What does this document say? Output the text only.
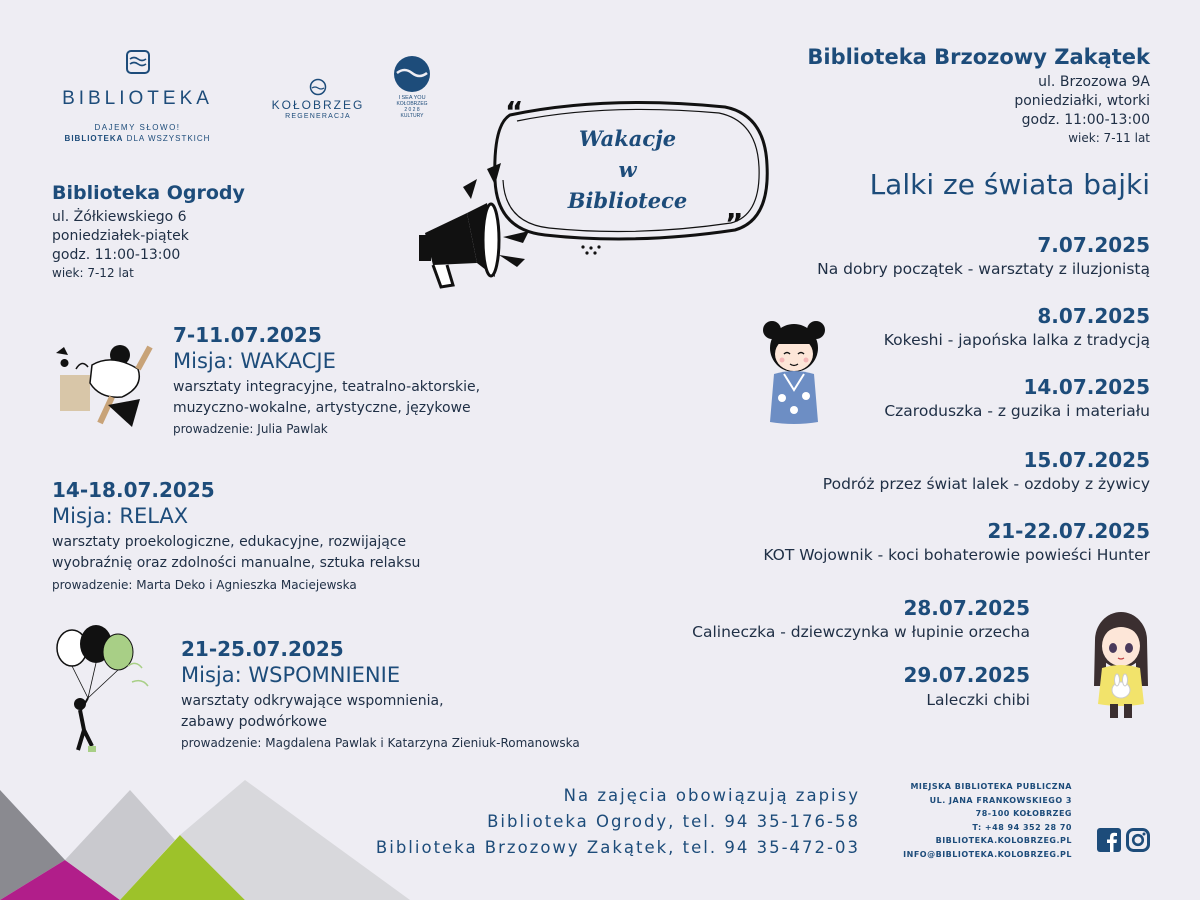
BIBLIOTEKA
DAJEMY SŁOWO!
BIBLIOTEKA DLA WSZYSTKICH
KOŁOBRZEG
REGENERACJA
I SEA YOU
KOŁOBRZEG
2 0 2 8
KULTURY	“
”
Wakacje
w
Bibliotece
Biblioteka Ogrody
ul. Żółkiewskiego 6
poniedziałek-piątek
godz. 11:00-13:00
wiek: 7-12 lat
7-11.07.2025
Misja: WAKACJE
warsztaty integracyjne, teatralno-aktorskie,
muzyczno-wokalne, artystyczne, językowe
prowadzenie: Julia Pawlak
14-18.07.2025
Misja: RELAX
warsztaty proekologiczne, edukacyjne, rozwijające
wyobraźnię oraz zdolności manualne, sztuka relaksu
prowadzenie: Marta Deko i Agnieszka Maciejewska
21-25.07.2025
Misja: WSPOMNIENIE
warsztaty odkrywające wspomnienia,
zabawy podwórkowe
prowadzenie: Magdalena Pawlak i Katarzyna Zieniuk-Romanowska
Biblioteka Brzozowy Zakątek
ul. Brzozowa 9A
poniedziałki, wtorki
godz. 11:00-13:00
wiek: 7-11 lat
Lalki ze świata bajki
7.07.2025
Na dobry początek - warsztaty z iluzjonistą
8.07.2025
Kokeshi - japońska lalka z tradycją
14.07.2025
Czaroduszka - z guzika i materiału
15.07.2025
Podróż przez świat lalek - ozdoby z żywicy
21-22.07.2025
KOT Wojownik - koci bohaterowie powieści Hunter
28.07.2025
Calineczka - dziewczynka w łupinie orzecha
29.07.2025
Laleczki chibi
Na zajęcia obowiązują zapisy
Biblioteka Ogrody, tel. 94 35-176-58
Biblioteka Brzozowy Zakątek, tel. 94 35-472-03
MIEJSKA BIBLIOTEKA PUBLICZNA
UL. JANA FRANKOWSKIEGO 3
78-100 KOŁOBRZEG
T: +48 94 352 28 70
BIBLIOTEKA.KOLOBRZEG.PL
INFO@BIBLIOTEKA.KOLOBRZEG.PL
